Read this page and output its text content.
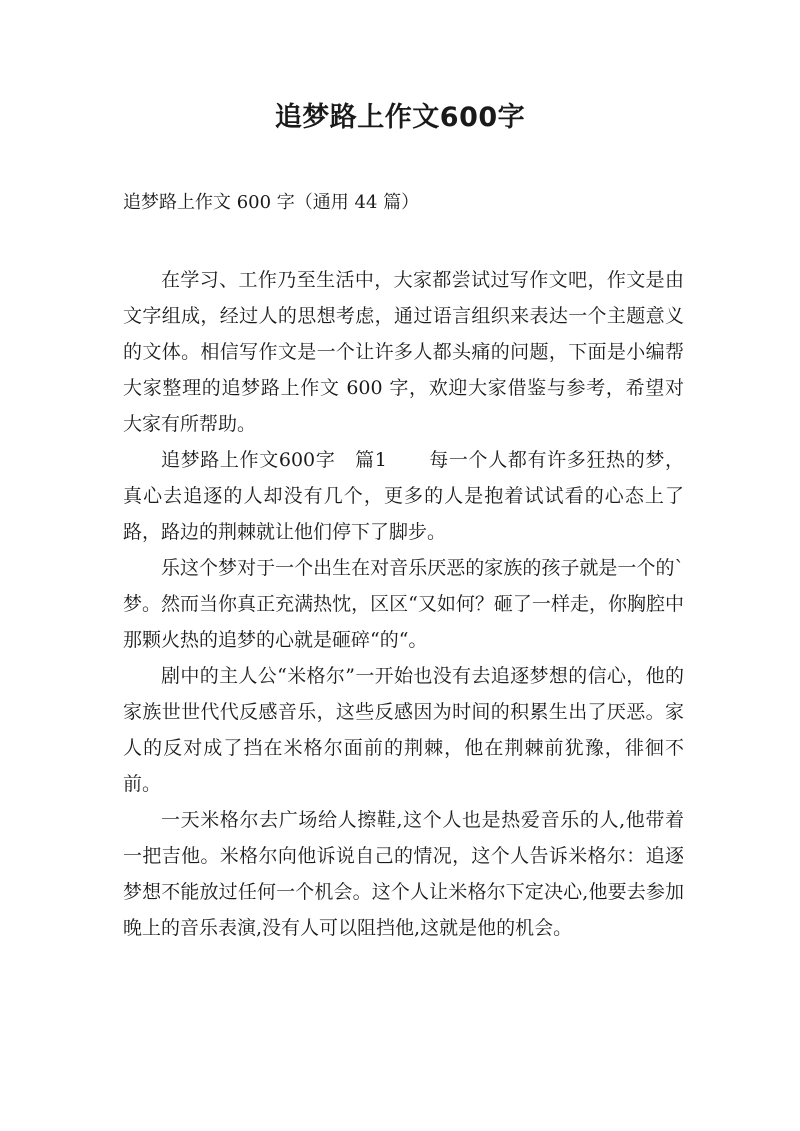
追梦路上作文600字
追梦路上作文 600 字（通用 44 篇）

在学习、工作乃至生活中，大家都尝试过写作文吧，作文是由文字组成，经过人的思想考虑，通过语言组织来表达一个主题意义的文体。相信写作文是一个让许多人都头痛的问题，下面是小编帮大家整理的追梦路上作文 600 字，欢迎大家借鉴与参考，希望对大家有所帮助。

追梦路上作文600字　篇1 每一个人都有许多狂热的梦，真心去追逐的人却没有几个，更多的人是抱着试试看的心态上了路，路边的荆棘就让他们停下了脚步。

乐这个梦对于一个出生在对音乐厌恶的家族的孩子就是一个的`梦。然而当你真正充满热忱，区区“又如何？砸了一样走，你胸腔中那颗火热的追梦的心就是砸碎“的“。

剧中的主人公“米格尔”一开始也没有去追逐梦想的信心，他的家族世世代代反感音乐，这些反感因为时间的积累生出了厌恶。家人的反对成了挡在米格尔面前的荆棘，他在荆棘前犹豫，徘徊不前。

一天米格尔去广场给人擦鞋,这个人也是热爱音乐的人,他带着一把吉他。米格尔向他诉说自己的情况，这个人告诉米格尔：追逐梦想不能放过任何一个机会。这个人让米格尔下定决心,他要去参加晚上的音乐表演,没有人可以阻挡他,这就是他的机会。
